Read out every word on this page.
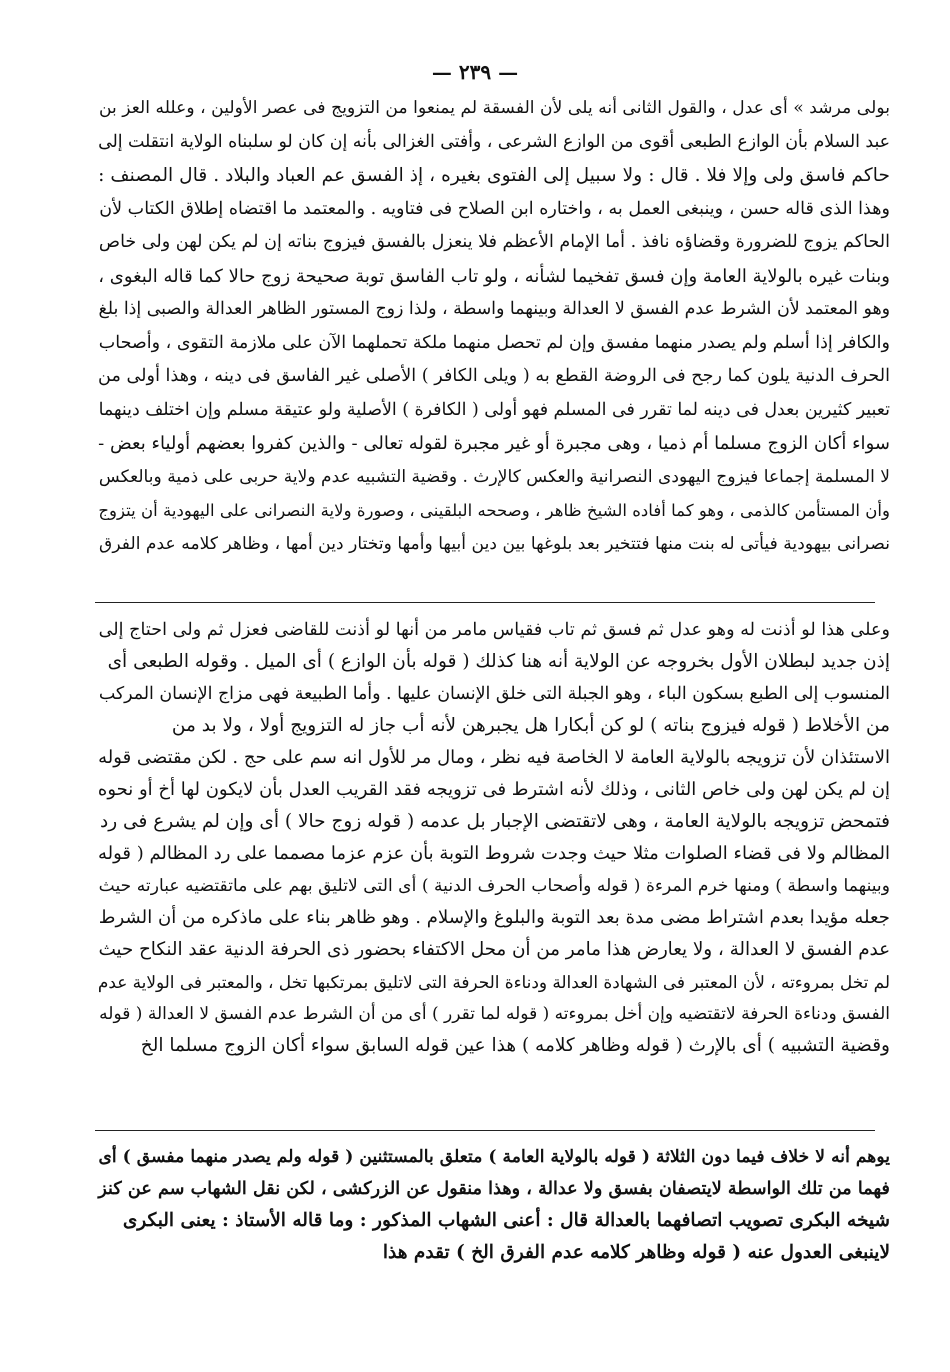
— ٢٣٩ —
بولى مرشد » أى عدل ، والقول الثانى أنه يلى لأن الفسقة لم يمنعوا من التزويج فى عصر الأولين ، وعلله العز بن
عبد السلام بأن الوازع الطبعى أقوى من الوازع الشرعى ، وأفتى الغزالى بأنه إن كان لو سلبناه الولاية انتقلت إلى
حاكم فاسق ولى وإلا فلا . قال : ولا سبيل إلى الفتوى بغيره ، إذ الفسق عم العباد والبلاد . قال المصنف :
وهذا الذى قاله حسن ، وينبغى العمل به ، واختاره ابن الصلاح فى فتاويه . والمعتمد ما اقتضاه إطلاق الكتاب لأن
الحاكم يزوج للضرورة وقضاؤه نافذ . أما الإمام الأعظم فلا ينعزل بالفسق فيزوج بناته إن لم يكن لهن ولى خاص
وبنات غيره بالولاية العامة وإن فسق تفخيما لشأنه ، ولو تاب الفاسق توبة صحيحة زوج حالا كما قاله البغوى ،
وهو المعتمد لأن الشرط عدم الفسق لا العدالة وبينهما واسطة ، ولذا زوج المستور الظاهر العدالة والصبى إذا بلغ
والكافر إذا أسلم ولم يصدر منهما مفسق وإن لم تحصل منهما ملكة تحملهما الآن على ملازمة التقوى ، وأصحاب
الحرف الدنية يلون كما رجح فى الروضة القطع به ( ويلى الكافر ) الأصلى غير الفاسق فى دينه ، وهذا أولى من
تعبير كثيرين بعدل فى دينه لما تقرر فى المسلم فهو أولى ( الكافرة ) الأصلية ولو عتيقة مسلم وإن اختلف دينهما
سواء أكان الزوج مسلما أم ذميا ، وهى مجبرة أو غير مجبرة لقوله تعالى - والذين كفروا بعضهم أولياء بعض -
لا المسلمة إجماعا فيزوج اليهودى النصرانية والعكس كالإرث . وقضية التشبيه عدم ولاية حربى على ذمية وبالعكس
وأن المستأمن كالذمى ، وهو كما أفاده الشيخ ظاهر ، وصححه البلقينى ، وصورة ولاية النصرانى على اليهودية أن يتزوج
نصرانى بيهودية فيأتى له بنت منها فتتخير بعد بلوغها بين دين أبيها وأمها وتختار دين أمها ، وظاهر كلامه عدم الفرق
وعلى هذا لو أذنت له وهو عدل ثم فسق ثم تاب فقياس مامر من أنها لو أذنت للقاضى فعزل ثم ولى احتاج إلى
إذن جديد لبطلان الأول بخروجه عن الولاية أنه هنا كذلك ( قوله بأن الوازع ) أى الميل . وقوله الطبعى أى
المنسوب إلى الطبع بسكون الباء ، وهو الجبلة التى خلق الإنسان عليها . وأما الطبيعة فهى مزاج الإنسان المركب
من الأخلاط ( قوله فيزوج بناته ) لو كن أبكارا هل يجبرهن لأنه أب جاز له التزويج أولا ، ولا بد من
الاستئذان لأن تزويجه بالولاية العامة لا الخاصة فيه نظر ، ومال مر للأول انه سم على حج . لكن مقتضى قوله
إن لم يكن لهن ولى خاص الثانى ، وذلك لأنه اشترط فى تزويجه فقد القريب العدل بأن لايكون لها أخ أو نحوه
فتمحض تزويجه بالولاية العامة ، وهى لاتقتضى الإجبار بل عدمه ( قوله زوج حالا ) أى وإن لم يشرع فى رد
المظالم ولا فى قضاء الصلوات مثلا حيث وجدت شروط التوبة بأن عزم عزما مصمما على رد المظالم ( قوله
وبينهما واسطة ) ومنها خرم المرءة ( قوله وأصحاب الحرف الدنية ) أى التى لاتليق بهم على ماتقتضيه عبارته حيث
جعله مؤيدا بعدم اشتراط مضى مدة بعد التوبة والبلوغ والإسلام . وهو ظاهر بناء على ماذكره من أن الشرط
عدم الفسق لا العدالة ، ولا يعارض هذا مامر من أن محل الاكتفاء بحضور ذى الحرفة الدنية عقد النكاح حيث
لم تخل بمروءته ، لأن المعتبر فى الشهادة العدالة ودناءة الحرفة التى لاتليق بمرتكبها تخل ، والمعتبر فى الولاية عدم
الفسق ودناءة الحرفة لاتقتضيه وإن أخل بمروءته ( قوله لما تقرر ) أى من أن الشرط عدم الفسق لا العدالة ( قوله
وقضية التشبيه ) أى بالإرث ( قوله وظاهر كلامه ) هذا عين قوله السابق سواء أكان الزوج مسلما الخ
يوهم أنه لا خلاف فيما دون الثلاثة ( قوله بالولاية العامة ) متعلق بالمستثنين ( قوله ولم يصدر منهما مفسق ) أى
فهما من تلك الواسطة لايتصفان بفسق ولا عدالة ، وهذا منقول عن الزركشى ، لكن نقل الشهاب سم عن كنز
شيخه البكرى تصويب اتصافهما بالعدالة قال : أعنى الشهاب المذكور : وما قاله الأستاذ : يعنى البكرى
لاينبغى العدول عنه ( قوله وظاهر كلامه عدم الفرق الخ ) تقدم هذا
